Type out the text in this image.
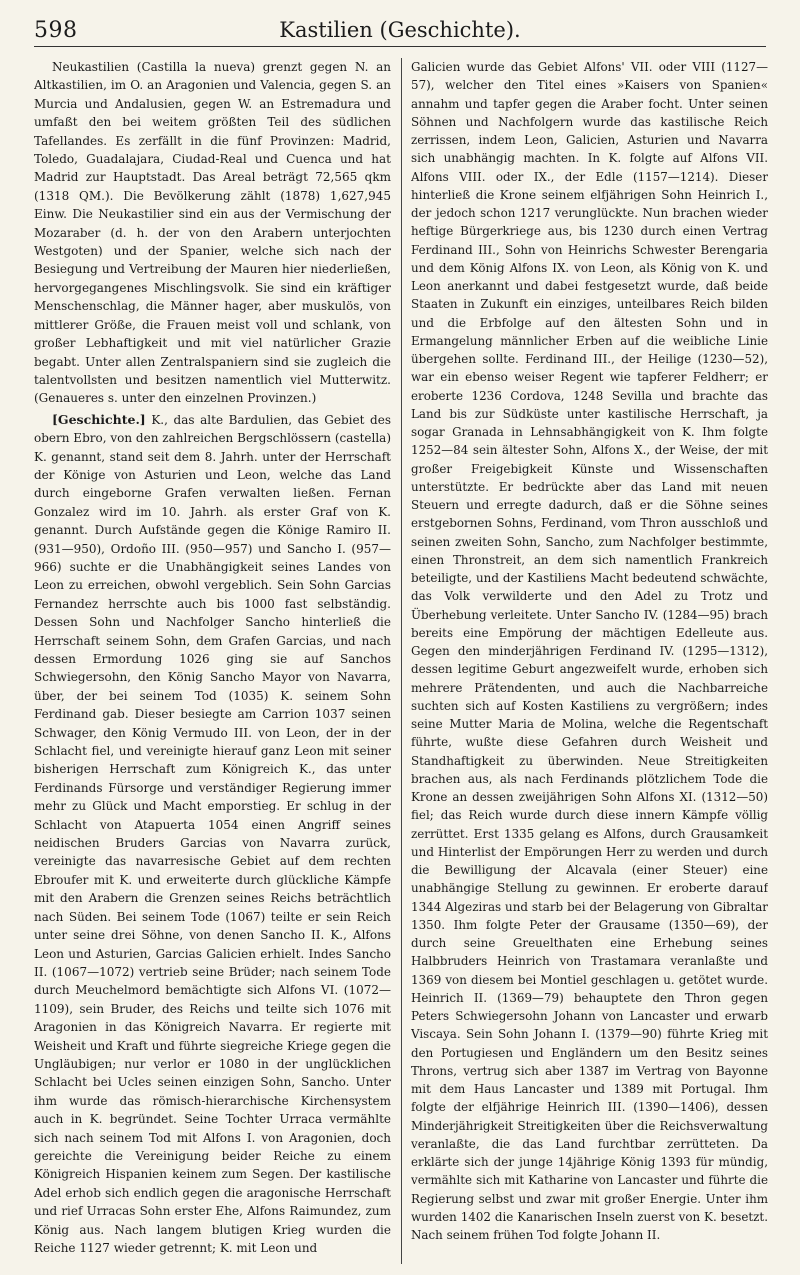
598	Kastilien (Geschichte).

Neukastilien (Castilla la nueva) grenzt gegen N. an Altkastilien, im O. an Aragonien und Valencia, gegen S. an Murcia und Andalusien, gegen W. an Estremadura und umfaßt den bei weitem größten Teil des südlichen Tafellandes. Es zerfällt in die fünf Provinzen: Madrid, Toledo, Guadalajara, Ciudad-Real und Cuenca und hat Madrid zur Hauptstadt. Das Areal beträgt 72,565 qkm (1318 QM.). Die Bevölkerung zählt (1878) 1,627,945 Einw. Die Neukastilier sind ein aus der Vermischung der Mozaraber (d. h. der von den Arabern unterjochten Westgoten) und der Spanier, welche sich nach der Besiegung und Vertreibung der Mauren hier niederließen, hervorgegangenes Mischlingsvolk. Sie sind ein kräftiger Menschenschlag, die Männer hager, aber muskulös, von mittlerer Größe, die Frauen meist voll und schlank, von großer Lebhaftigkeit und mit viel natürlicher Grazie begabt. Unter allen Zentralspaniern sind sie zugleich die talentvollsten und besitzen namentlich viel Mutterwitz. (Genaueres s. unter den einzelnen Provinzen.)

[Geschichte.] K., das alte Bardulien, das Gebiet des obern Ebro, von den zahlreichen Bergschlössern (castella) K. genannt, stand seit dem 8. Jahrh. unter der Herrschaft der Könige von Asturien und Leon, welche das Land durch eingeborne Grafen verwalten ließen. Fernan Gonzalez wird im 10. Jahrh. als erster Graf von K. genannt. Durch Aufstände gegen die Könige Ramiro II. (931—950), Ordoño III. (950—957) und Sancho I. (957—966) suchte er die Unabhängigkeit seines Landes von Leon zu erreichen, obwohl vergeblich. Sein Sohn Garcias Fernandez herrschte auch bis 1000 fast selbständig. Dessen Sohn und Nachfolger Sancho hinterließ die Herrschaft seinem Sohn, dem Grafen Garcias, und nach dessen Ermordung 1026 ging sie auf Sanchos Schwiegersohn, den König Sancho Mayor von Navarra, über, der bei seinem Tod (1035) K. seinem Sohn Ferdinand gab. Dieser besiegte am Carrion 1037 seinen Schwager, den König Vermudo III. von Leon, der in der Schlacht fiel, und vereinigte hierauf ganz Leon mit seiner bisherigen Herrschaft zum Königreich K., das unter Ferdinands Fürsorge und verständiger Regierung immer mehr zu Glück und Macht emporstieg. Er schlug in der Schlacht von Atapuerta 1054 einen Angriff seines neidischen Bruders Garcias von Navarra zurück, vereinigte das navarresische Gebiet auf dem rechten Ebroufer mit K. und erweiterte durch glückliche Kämpfe mit den Arabern die Grenzen seines Reichs beträchtlich nach Süden. Bei seinem Tode (1067) teilte er sein Reich unter seine drei Söhne, von denen Sancho II. K., Alfons Leon und Asturien, Garcias Galicien erhielt. Indes Sancho II. (1067—1072) vertrieb seine Brüder; nach seinem Tode durch Meuchelmord bemächtigte sich Alfons VI. (1072—1109), sein Bruder, des Reichs und teilte sich 1076 mit Aragonien in das Königreich Navarra. Er regierte mit Weisheit und Kraft und führte siegreiche Kriege gegen die Ungläubigen; nur verlor er 1080 in der unglücklichen Schlacht bei Ucles seinen einzigen Sohn, Sancho. Unter ihm wurde das römisch-hierarchische Kirchensystem auch in K. begründet. Seine Tochter Urraca vermählte sich nach seinem Tod mit Alfons I. von Aragonien, doch gereichte die Vereinigung beider Reiche zu einem Königreich Hispanien keinem zum Segen. Der kastilische Adel erhob sich endlich gegen die aragonische Herrschaft und rief Urracas Sohn erster Ehe, Alfons Raimundez, zum König aus. Nach langem blutigen Krieg wurden die Reiche 1127 wieder getrennt; K. mit Leon und

Galicien wurde das Gebiet Alfons' VII. oder VIII (1127—57), welcher den Titel eines »Kaisers von Spanien« annahm und tapfer gegen die Araber focht. Unter seinen Söhnen und Nachfolgern wurde das kastilische Reich zerrissen, indem Leon, Galicien, Asturien und Navarra sich unabhängig machten. In K. folgte auf Alfons VII. Alfons VIII. oder IX., der Edle (1157—1214). Dieser hinterließ die Krone seinem elfjährigen Sohn Heinrich I., der jedoch schon 1217 verunglückte. Nun brachen wieder heftige Bürgerkriege aus, bis 1230 durch einen Vertrag Ferdinand III., Sohn von Heinrichs Schwester Berengaria und dem König Alfons IX. von Leon, als König von K. und Leon anerkannt und dabei festgesetzt wurde, daß beide Staaten in Zukunft ein einziges, unteilbares Reich bilden und die Erbfolge auf den ältesten Sohn und in Ermangelung männlicher Erben auf die weibliche Linie übergehen sollte. Ferdinand III., der Heilige (1230—52), war ein ebenso weiser Regent wie tapferer Feldherr; er eroberte 1236 Cordova, 1248 Sevilla und brachte das Land bis zur Südküste unter kastilische Herrschaft, ja sogar Granada in Lehnsabhängigkeit von K. Ihm folgte 1252—84 sein ältester Sohn, Alfons X., der Weise, der mit großer Freigebigkeit Künste und Wissenschaften unterstützte. Er bedrückte aber das Land mit neuen Steuern und erregte dadurch, daß er die Söhne seines erstgebornen Sohns, Ferdinand, vom Thron ausschloß und seinen zweiten Sohn, Sancho, zum Nachfolger bestimmte, einen Thronstreit, an dem sich namentlich Frankreich beteiligte, und der Kastiliens Macht bedeutend schwächte, das Volk verwilderte und den Adel zu Trotz und Überhebung verleitete. Unter Sancho IV. (1284—95) brach bereits eine Empörung der mächtigen Edelleute aus. Gegen den minderjährigen Ferdinand IV. (1295—1312), dessen legitime Geburt angezweifelt wurde, erhoben sich mehrere Prätendenten, und auch die Nachbarreiche suchten sich auf Kosten Kastiliens zu vergrößern; indes seine Mutter Maria de Molina, welche die Regentschaft führte, wußte diese Gefahren durch Weisheit und Standhaftigkeit zu überwinden. Neue Streitigkeiten brachen aus, als nach Ferdinands plötzlichem Tode die Krone an dessen zweijährigen Sohn Alfons XI. (1312—50) fiel; das Reich wurde durch diese innern Kämpfe völlig zerrüttet. Erst 1335 gelang es Alfons, durch Grausamkeit und Hinterlist der Empörungen Herr zu werden und durch die Bewilligung der Alcavala (einer Steuer) eine unabhängige Stellung zu gewinnen. Er eroberte darauf 1344 Algeziras und starb bei der Belagerung von Gibraltar 1350. Ihm folgte Peter der Grausame (1350—69), der durch seine Greuelthaten eine Erhebung seines Halbbruders Heinrich von Trastamara veranlaßte und 1369 von diesem bei Montiel geschlagen u. getötet wurde. Heinrich II. (1369—79) behauptete den Thron gegen Peters Schwiegersohn Johann von Lancaster und erwarb Viscaya. Sein Sohn Johann I. (1379—90) führte Krieg mit den Portugiesen und Engländern um den Besitz seines Throns, vertrug sich aber 1387 im Vertrag von Bayonne mit dem Haus Lancaster und 1389 mit Portugal. Ihm folgte der elfjährige Heinrich III. (1390—1406), dessen Minderjährigkeit Streitigkeiten über die Reichsverwaltung veranlaßte, die das Land furchtbar zerrütteten. Da erklärte sich der junge 14jährige König 1393 für mündig, vermählte sich mit Katharine von Lancaster und führte die Regierung selbst und zwar mit großer Energie. Unter ihm wurden 1402 die Kanarischen Inseln zuerst von K. besetzt. Nach seinem frühen Tod folgte Johann II.
